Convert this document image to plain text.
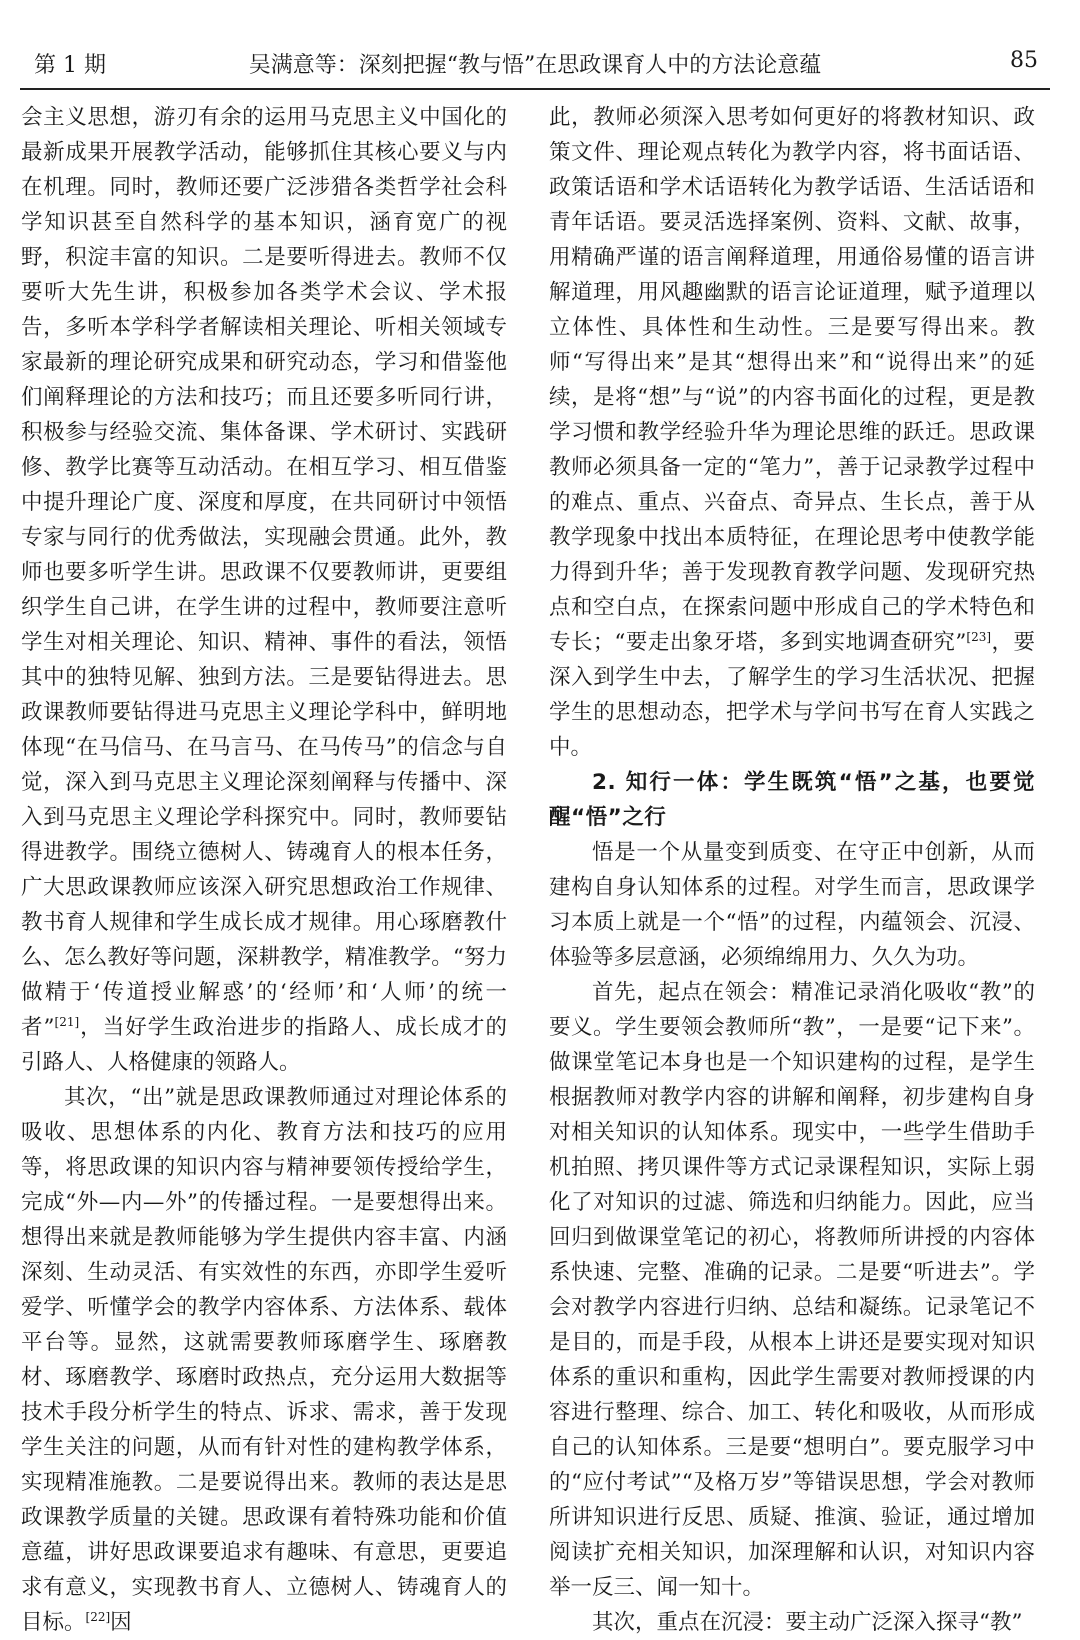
第 1 期	吴满意等：深刻把握“教与悟”在思政课育人中的方法论意蕴	85

会主义思想，游刃有余的运用马克思主义中国化的最新成果开展教学活动，能够抓住其核心要义与内在机理。同时，教师还要广泛涉猎各类哲学社会科学知识甚至自然科学的基本知识，涵育宽广的视野，积淀丰富的知识。二是要听得进去。教师不仅要听大先生讲，积极参加各类学术会议、学术报告，多听本学科学者解读相关理论、听相关领域专家最新的理论研究成果和研究动态，学习和借鉴他们阐释理论的方法和技巧；而且还要多听同行讲，积极参与经验交流、集体备课、学术研讨、实践研修、教学比赛等互动活动。在相互学习、相互借鉴中提升理论广度、深度和厚度，在共同研讨中领悟专家与同行的优秀做法，实现融会贯通。此外，教师也要多听学生讲。思政课不仅要教师讲，更要组织学生自己讲，在学生讲的过程中，教师要注意听学生对相关理论、知识、精神、事件的看法，领悟其中的独特见解、独到方法。三是要钻得进去。思政课教师要钻得进马克思主义理论学科中，鲜明地体现“在马信马、在马言马、在马传马”的信念与自觉，深入到马克思主义理论深刻阐释与传播中、深入到马克思主义理论学科探究中。同时，教师要钻得进教学。围绕立德树人、铸魂育人的根本任务，广大思政课教师应该深入研究思想政治工作规律、教书育人规律和学生成长成才规律。用心琢磨教什么、怎么教好等问题，深耕教学，精准教学。“努力做精于‘传道授业解惑’的‘经师’和‘人师’的统一者”[21]，当好学生政治进步的指路人、成长成才的引路人、人格健康的领路人。

其次，“出”就是思政课教师通过对理论体系的吸收、思想体系的内化、教育方法和技巧的应用等，将思政课的知识内容与精神要领传授给学生，完成“外—内—外”的传播过程。一是要想得出来。想得出来就是教师能够为学生提供内容丰富、内涵深刻、生动灵活、有实效性的东西，亦即学生爱听爱学、听懂学会的教学内容体系、方法体系、载体平台等。显然，这就需要教师琢磨学生、琢磨教材、琢磨教学、琢磨时政热点，充分运用大数据等技术手段分析学生的特点、诉求、需求，善于发现学生关注的问题，从而有针对性的建构教学体系，实现精准施教。二是要说得出来。教师的表达是思政课教学质量的关键。思政课有着特殊功能和价值意蕴，讲好思政课要追求有趣味、有意思，更要追求有意义，实现教书育人、立德树人、铸魂育人的目标。[22]因

此，教师必须深入思考如何更好的将教材知识、政策文件、理论观点转化为教学内容，将书面话语、政策话语和学术话语转化为教学话语、生活话语和青年话语。要灵活选择案例、资料、文献、故事，用精确严谨的语言阐释道理，用通俗易懂的语言讲解道理，用风趣幽默的语言论证道理，赋予道理以立体性、具体性和生动性。三是要写得出来。教师“写得出来”是其“想得出来”和“说得出来”的延续，是将“想”与“说”的内容书面化的过程，更是教学习惯和教学经验升华为理论思维的跃迁。思政课教师必须具备一定的“笔力”，善于记录教学过程中的难点、重点、兴奋点、奇异点、生长点，善于从教学现象中找出本质特征，在理论思考中使教学能力得到升华；善于发现教育教学问题、发现研究热点和空白点，在探索问题中形成自己的学术特色和专长；“要走出象牙塔，多到实地调查研究”[23]，要深入到学生中去，了解学生的学习生活状况、把握学生的思想动态，把学术与学问书写在育人实践之中。

2. 知行一体：学生既筑“悟”之基，也要觉醒“悟”之行

悟是一个从量变到质变、在守正中创新，从而建构自身认知体系的过程。对学生而言，思政课学习本质上就是一个“悟”的过程，内蕴领会、沉浸、体验等多层意涵，必须绵绵用力、久久为功。

首先，起点在领会：精准记录消化吸收“教”的要义。学生要领会教师所“教”，一是要“记下来”。做课堂笔记本身也是一个知识建构的过程，是学生根据教师对教学内容的讲解和阐释，初步建构自身对相关知识的认知体系。现实中，一些学生借助手机拍照、拷贝课件等方式记录课程知识，实际上弱化了对知识的过滤、筛选和归纳能力。因此，应当回归到做课堂笔记的初心，将教师所讲授的内容体系快速、完整、准确的记录。二是要“听进去”。学会对教学内容进行归纳、总结和凝练。记录笔记不是目的，而是手段，从根本上讲还是要实现对知识体系的重识和重构，因此学生需要对教师授课的内容进行整理、综合、加工、转化和吸收，从而形成自己的认知体系。三是要“想明白”。要克服学习中的“应付考试”“及格万岁”等错误思想，学会对教师所讲知识进行反思、质疑、推演、验证，通过增加阅读扩充相关知识，加深理解和认识，对知识内容举一反三、闻一知十。

其次，重点在沉浸：要主动广泛深入探寻“教”
